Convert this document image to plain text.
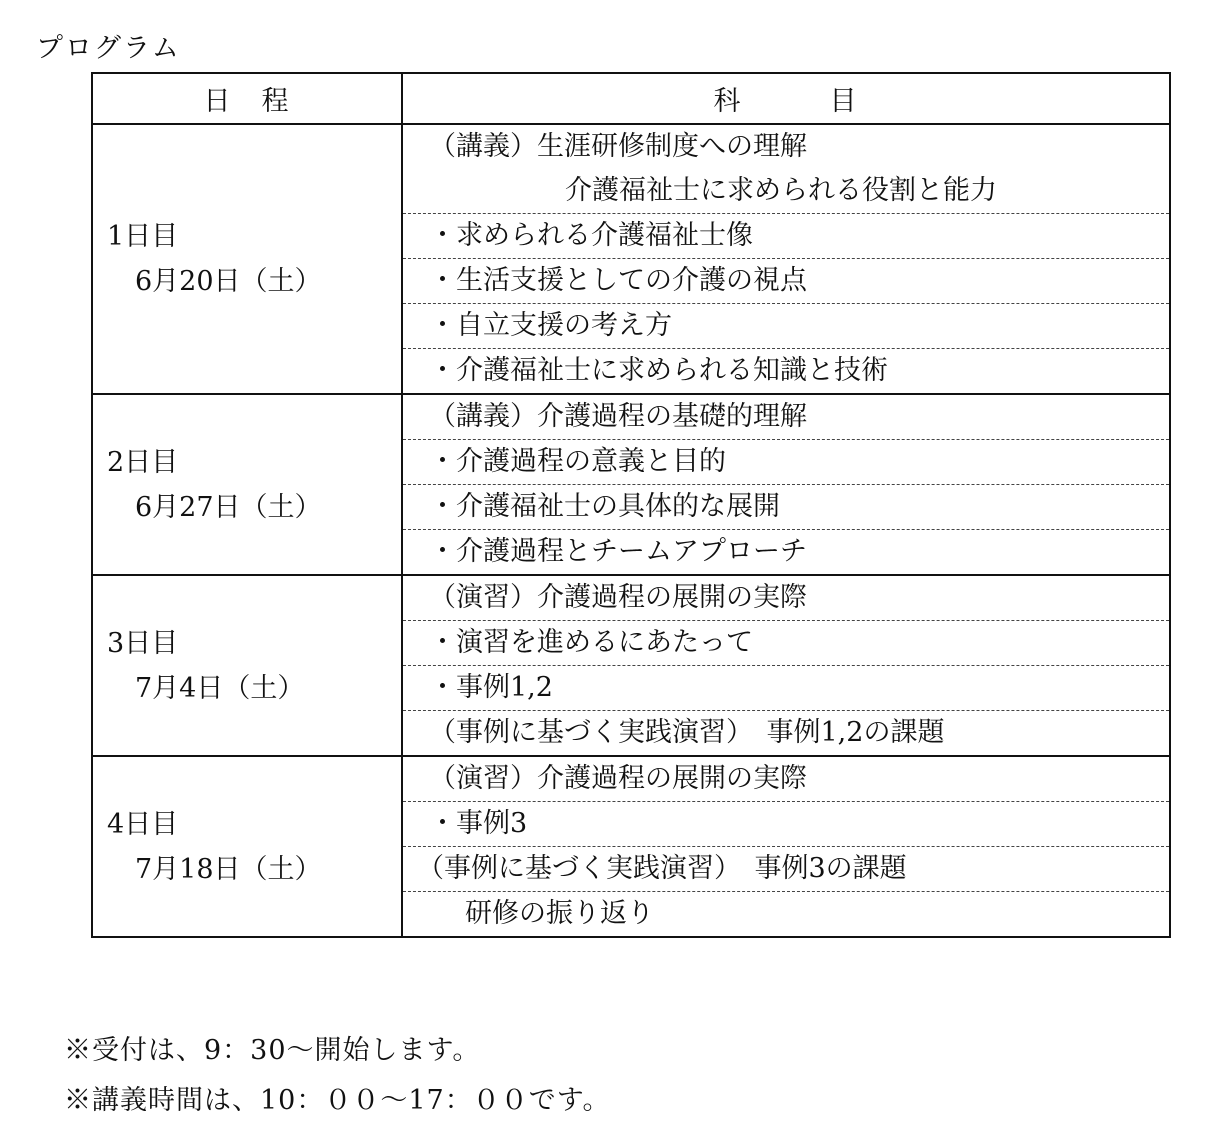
プログラム
日　程	科　　　目

1日目
6月20日（土）	（講義）生涯研修制度への理解
介護福祉士に求められる役割と能力

	・求められる介護福祉士像

	・生活支援としての介護の視点

	・自立支援の考え方

	・介護福祉士に求められる知識と技術

2日目
6月27日（土）	（講義）介護過程の基礎的理解

	・介護過程の意義と目的

	・介護福祉士の具体的な展開

	・介護過程とチームアプローチ

3日目
7月4日（土）	（演習）介護過程の展開の実際

	・演習を進めるにあたって

	・事例1,2

	（事例に基づく実践演習）　事例1,2の課題

4日目
7月18日（土）	（演習）介護過程の展開の実際

	・事例3

	（事例に基づく実践演習）　事例3の課題

	研修の振り返り
※受付は、9：30～開始します。
※講義時間は、10：００～17：００です。
